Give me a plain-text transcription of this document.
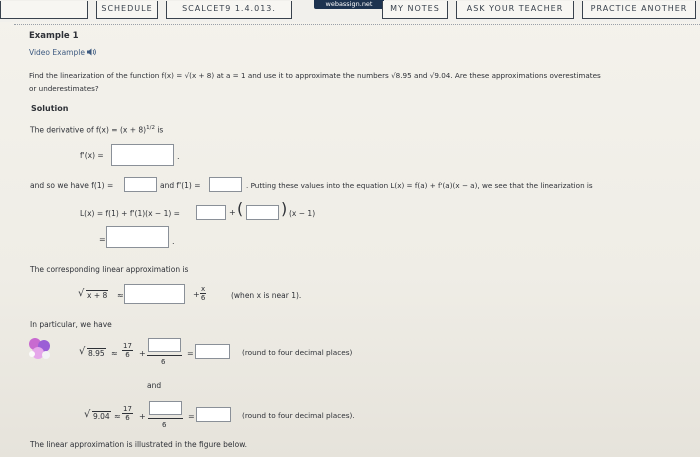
SCHEDULE	SCALCET9 1.4.013.	webassign.net	MY NOTES	ASK YOUR TEACHER	PRACTICE ANOTHER
Example 1
Video Example
Find the linearization of the function f(x) = √(x + 8) at a = 1 and use it to approximate the numbers √8.95 and √9.04. Are these approximations overestimates
or underestimates?
Solution
The derivative of $f(x) = (x + 8)^{1/2}$ is
f'(x) =	.
and so we have f(1) =	and f'(1) =	. Putting these values into the equation L(x) = f(a) + f'(a)(x − a), we see that the linearization is
L(x) = f(1) + f'(1)(x − 1) =	+ ( ) (x − 1)
=	.
The corresponding linear approximation is
√ x + 8 ≈	+ $\frac{x}{6}$	(when x is near 1).
In particular, we have
√ $8.95 \approx \frac{17}{6}$ +
6
=	(round to four decimal places)
and
√ $9.04 \approx \frac{17}{6}$ +
6
=	(round to four decimal places).
The linear approximation is illustrated in the figure below.
